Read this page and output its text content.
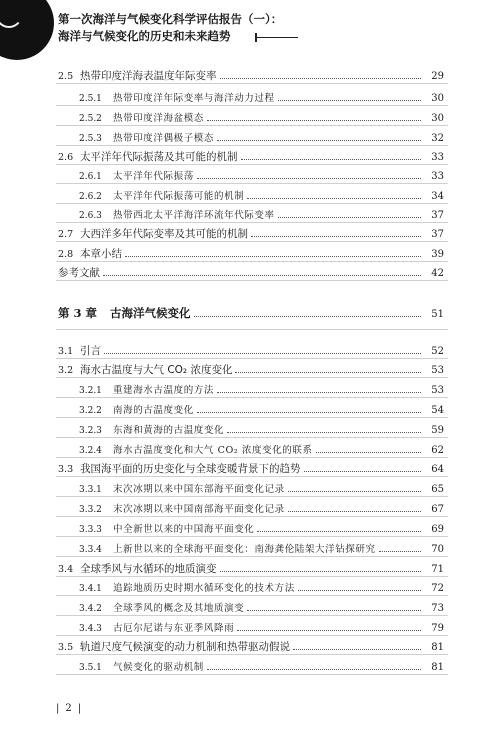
第一次海洋与气候变化科学评估报告（一）：
海洋与气候变化的历史和未来趋势
2.5 热带印度洋海表温度年际变率	29
2.5.1	热带印度洋年际变率与海洋动力过程	30
2.5.2	热带印度洋海盆模态	30
2.5.3	热带印度洋偶极子模态	32
2.6 太平洋年代际振荡及其可能的机制	33
2.6.1	太平洋年代际振荡	33
2.6.2	太平洋年代际振荡可能的机制	34
2.6.3	热带西北太平洋海洋环流年代际变率	37
2.7 大西洋多年代际变率及其可能的机制	37
2.8 本章小结	39
参考文献	42
第 3 章	古海洋气候变化	51
3.1 引言	52
3.2 海水古温度与大气 CO₂ 浓度变化	53
3.2.1	重建海水古温度的方法	53
3.2.2	南海的古温度变化	54
3.2.3	东海和黄海的古温度变化	59
3.2.4	海水古温度变化和大气 CO₂ 浓度变化的联系	62
3.3 我国海平面的历史变化与全球变暖背景下的趋势	64
3.3.1	末次冰期以来中国东部海平面变化记录	65
3.3.2	末次冰期以来中国南部海平面变化记录	67
3.3.3	中全新世以来的中国海平面变化	69
3.3.4	上新世以来的全球海平面变化：南海龚伦陆架大洋钻探研究	70
3.4 全球季风与水循环的地质演变	71
3.4.1	追踪地质历史时期水循环变化的技术方法	72
3.4.2	全球季风的概念及其地质演变	73
3.4.3	古厄尔尼诺与东亚季风降雨	79
3.5 轨道尺度气候演变的动力机制和热带驱动假说	81
3.5.1	气候变化的驱动机制	81
| 2 |
